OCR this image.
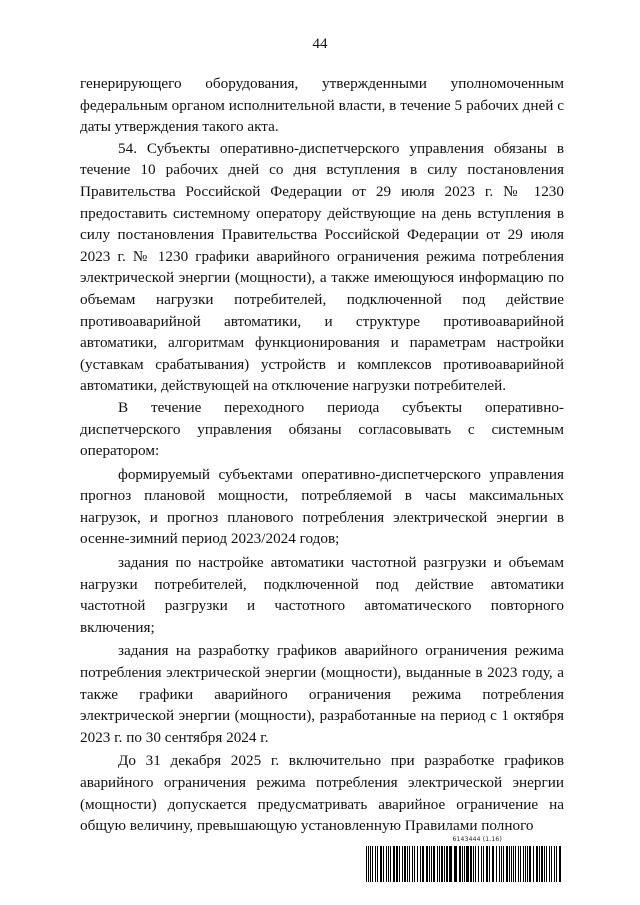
44

генерирующего оборудования, утвержденными уполномоченным федеральным органом исполнительной власти, в течение 5 рабочих дней с даты утверждения такого акта.

54. Субъекты оперативно-диспетчерского управления обязаны в течение 10 рабочих дней со дня вступления в силу постановления Правительства Российской Федерации от 29 июля 2023 г. № 1230 предоставить системному оператору действующие на день вступления в силу постановления Правительства Российской Федерации от 29 июля 2023 г. № 1230 графики аварийного ограничения режима потребления электрической энергии (мощности), а также имеющуюся информацию по объемам нагрузки потребителей, подключенной под действие противоаварийной автоматики, и структуре противоаварийной автоматики, алгоритмам функционирования и параметрам настройки (уставкам срабатывания) устройств и комплексов противоаварийной автоматики, действующей на отключение нагрузки потребителей.

В течение переходного периода субъекты оперативно-диспетчерского управления обязаны согласовывать с системным оператором:

формируемый субъектами оперативно-диспетчерского управления прогноз плановой мощности, потребляемой в часы максимальных нагрузок, и прогноз планового потребления электрической энергии в осенне-зимний период 2023/2024 годов;

задания по настройке автоматики частотной разгрузки и объемам нагрузки потребителей, подключенной под действие автоматики частотной разгрузки и частотного автоматического повторного включения;

задания на разработку графиков аварийного ограничения режима потребления электрической энергии (мощности), выданные в 2023 году, а также графики аварийного ограничения режима потребления электрической энергии (мощности), разработанные на период с 1 октября 2023 г. по 30 сентября 2024 г.

До 31 декабря 2025 г. включительно при разработке графиков аварийного ограничения режима потребления электрической энергии (мощности) допускается предусматривать аварийное ограничение на общую величину, превышающую установленную Правилами полного

6143444 (1.16)
